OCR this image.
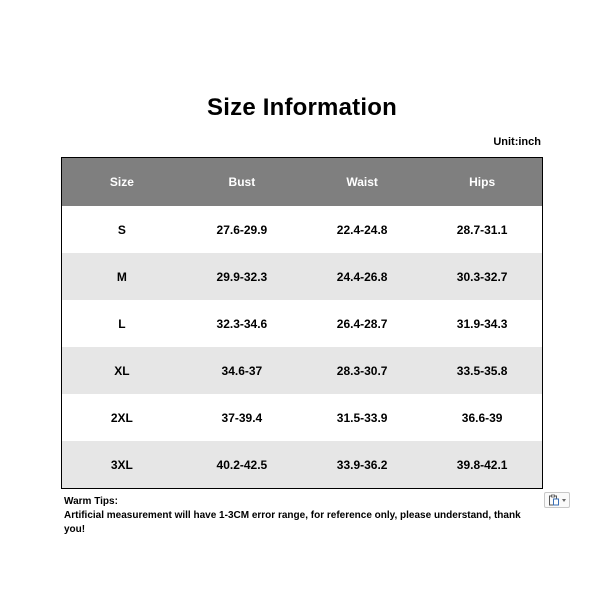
Size Information
Unit:inch
Size	Bust	Waist	Hips
S	27.6-29.9	22.4-24.8	28.7-31.1
M	29.9-32.3	24.4-26.8	30.3-32.7
L	32.3-34.6	26.4-28.7	31.9-34.3
XL	34.6-37	28.3-30.7	33.5-35.8
2XL	37-39.4	31.5-33.9	36.6-39
3XL	40.2-42.5	33.9-36.2	39.8-42.1

Warm Tips:

Artificial measurement will have 1-3CM error range, for reference only, please understand, thank you!
